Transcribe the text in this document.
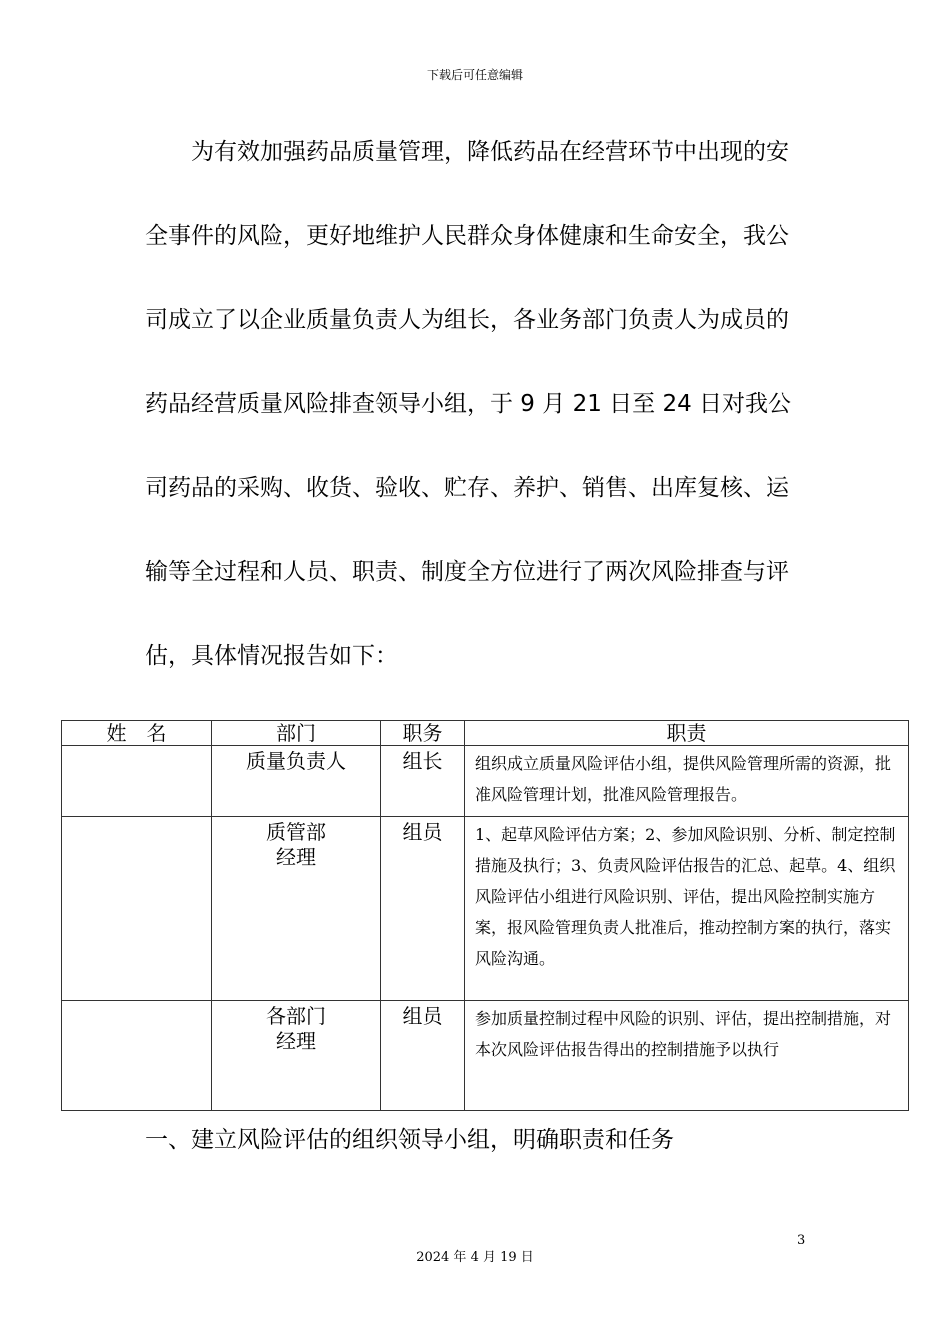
下载后可任意编辑

为有效加强药品质量管理，降低药品在经营环节中出现的安全事件的风险，更好地维护人民群众身体健康和生命安全，我公司成立了以企业质量负责人为组长，各业务部门负责人为成员的药品经营质量风险排查领导小组，于 9 月 21 日至 24 日对我公司药品的采购、收货、验收、贮存、养护、销售、出库复核、运输等全过程和人员、职责、制度全方位进行了两次风险排查与评估，具体情况报告如下：

姓　名	部门	职务	职责

	质量负责人	组长	组织成立质量风险评估小组，提供风险管理所需的资源，批准风险管理计划，批准风险管理报告。

	质管部
经理	组员	1、起草风险评估方案；2、参加风险识别、分析、制定控制措施及执行；3、负责风险评估报告的汇总、起草。4、组织风险评估小组进行风险识别、评估，提出风险控制实施方案，报风险管理负责人批准后，推动控制方案的执行，落实风险沟通。

	各部门
经理	组员	参加质量控制过程中风险的识别、评估，提出控制措施，对本次风险评估报告得出的控制措施予以执行
一、建立风险评估的组织领导小组，明确职责和任务
3
2024 年 4 月 19 日
